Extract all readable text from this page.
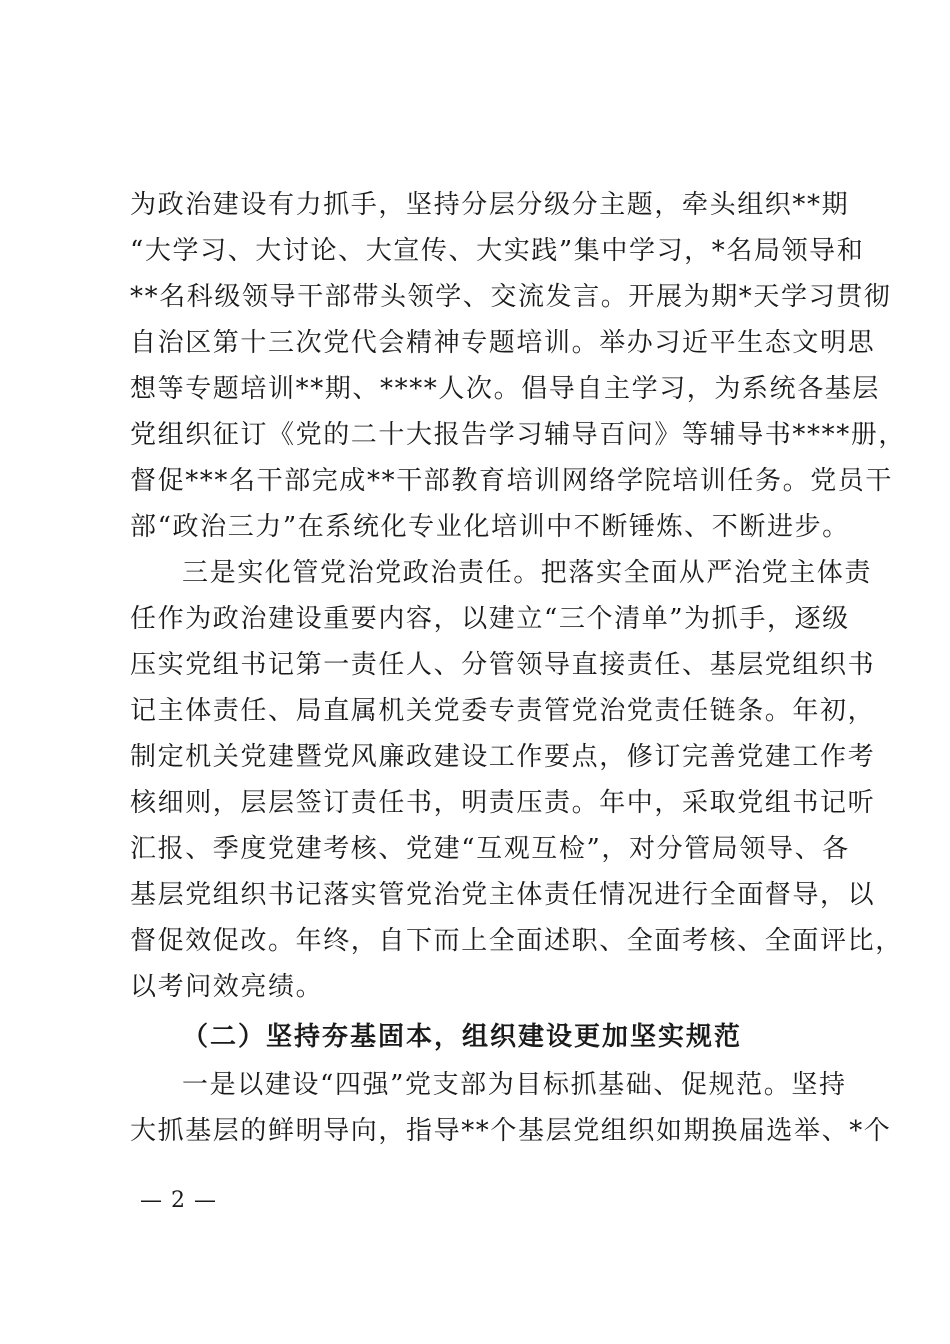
为政治建设有力抓手，坚持分层分级分主题，牵头组织**期
“大学习、大讨论、大宣传、大实践”集中学习，*名局领导和
**名科级领导干部带头领学、交流发言。开展为期*天学习贯彻
自治区第十三次党代会精神专题培训。举办习近平生态文明思
想等专题培训**期、****人次。倡导自主学习，为系统各基层
党组织征订《党的二十大报告学习辅导百问》等辅导书****册，
督促***名干部完成**干部教育培训网络学院培训任务。党员干
部“政治三力”在系统化专业化培训中不断锤炼、不断进步。
三是实化管党治党政治责任。把落实全面从严治党主体责
任作为政治建设重要内容，以建立“三个清单”为抓手，逐级
压实党组书记第一责任人、分管领导直接责任、基层党组织书
记主体责任、局直属机关党委专责管党治党责任链条。年初，
制定机关党建暨党风廉政建设工作要点，修订完善党建工作考
核细则，层层签订责任书，明责压责。年中，采取党组书记听
汇报、季度党建考核、党建“互观互检”，对分管局领导、各
基层党组织书记落实管党治党主体责任情况进行全面督导，以
督促效促改。年终，自下而上全面述职、全面考核、全面评比，
以考问效亮绩。
（二）坚持夯基固本，组织建设更加坚实规范
一是以建设“四强”党支部为目标抓基础、促规范。坚持
大抓基层的鲜明导向，指导**个基层党组织如期换届选举、*个
— 2 —
